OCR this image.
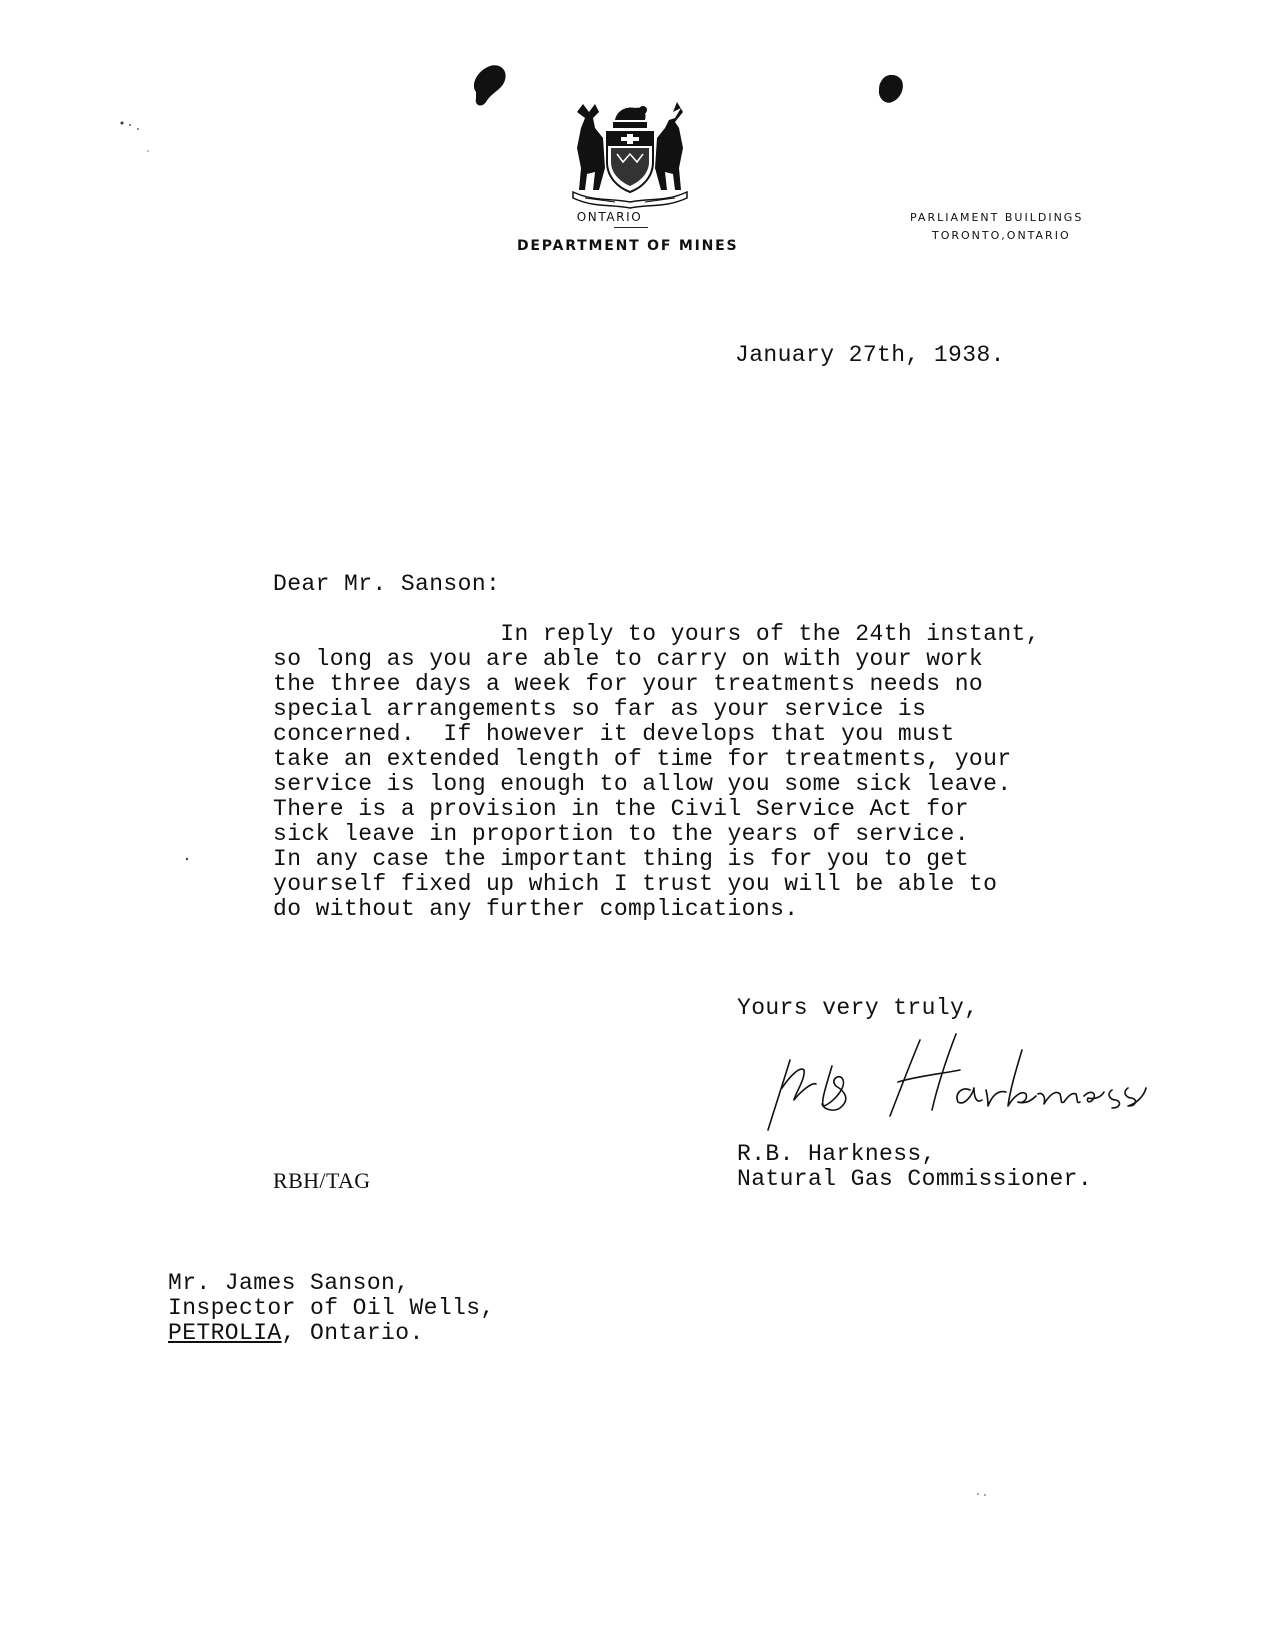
ONTARIO
DEPARTMENT OF MINES
PARLIAMENT BUILDINGS
TORONTO,ONTARIO
January 27th, 1938.
Dear Mr. Sanson:
In reply to yours of the 24th instant,
so long as you are able to carry on with your work
the three days a week for your treatments needs no
special arrangements so far as your service is
concerned.  If however it develops that you must
take an extended length of time for treatments, your
service is long enough to allow you some sick leave.
There is a provision in the Civil Service Act for
sick leave in proportion to the years of service.
In any case the important thing is for you to get
yourself fixed up which I trust you will be able to
do without any further complications.
Yours very truly,
R.B. Harkness,
Natural Gas Commissioner.
RBH/TAG
Mr. James Sanson,
Inspector of Oil Wells,
PETROLIA, Ontario.
